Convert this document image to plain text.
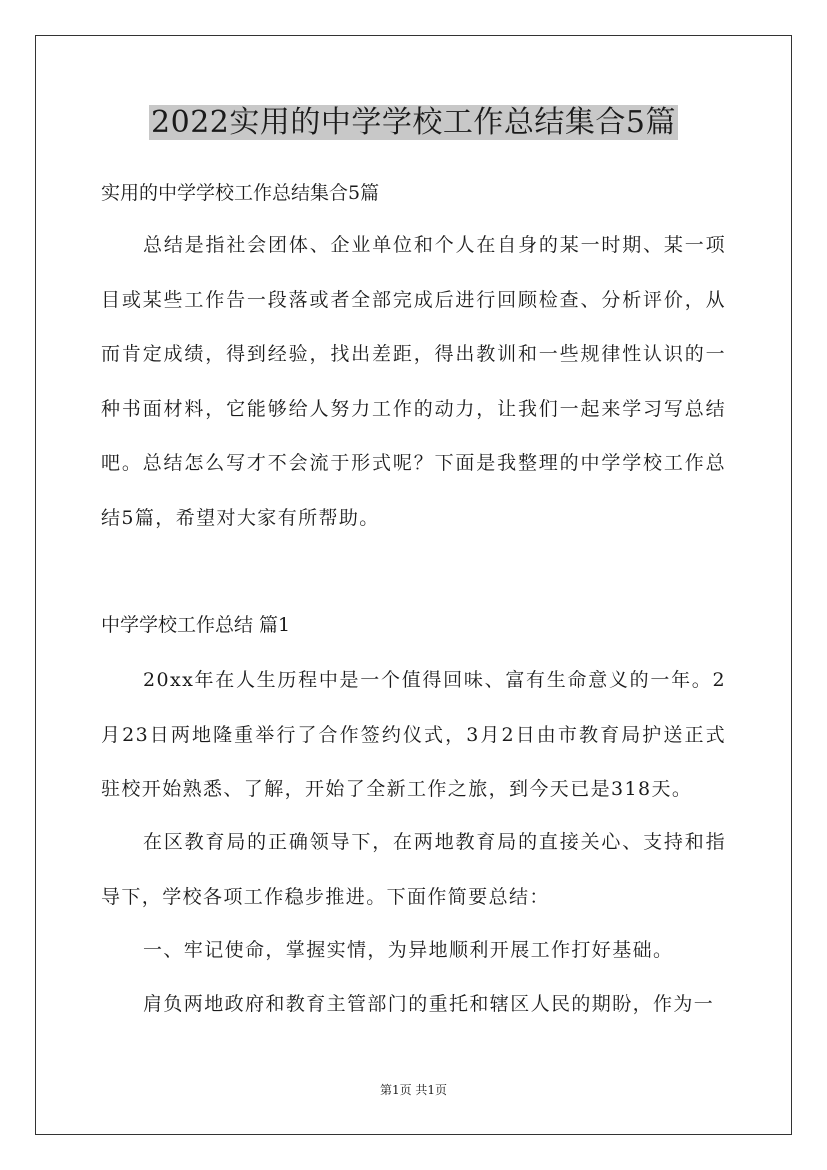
2022实用的中学学校工作总结集合5篇
实用的中学学校工作总结集合5篇

总结是指社会团体、企业单位和个人在自身的某一时期、某一项目或某些工作告一段落或者全部完成后进行回顾检查、分析评价，从而肯定成绩，得到经验，找出差距，得出教训和一些规律性认识的一种书面材料，它能够给人努力工作的动力，让我们一起来学习写总结吧。总结怎么写才不会流于形式呢？下面是我整理的中学学校工作总结5篇，希望对大家有所帮助。

中学学校工作总结 篇1

20xx年在人生历程中是一个值得回味、富有生命意义的一年。2月23日两地隆重举行了合作签约仪式，3月2日由市教育局护送正式驻校开始熟悉、了解，开始了全新工作之旅，到今天已是318天。

在区教育局的正确领导下，在两地教育局的直接关心、支持和指导下，学校各项工作稳步推进。下面作简要总结：

一、牢记使命，掌握实情，为异地顺利开展工作打好基础。

肩负两地政府和教育主管部门的重托和辖区人民的期盼，作为一

第1页 共1页
